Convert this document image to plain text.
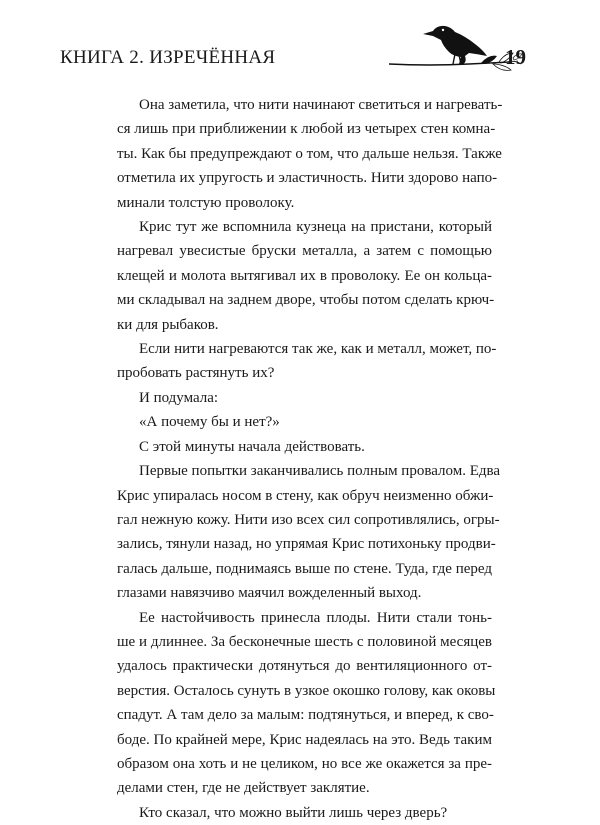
КНИГА 2. ИЗРЕЧЁННАЯ	19
Она заметила, что нити начинают светиться и нагревать-
ся лишь при приближении к любой из четырех стен комна-
ты. Как бы предупреждают о том, что дальше нельзя. Также
отметила их упругость и эластичность. Нити здорово напо-
минали толстую проволоку.
Крис тут же вспомнила кузнеца на пристани, который
нагревал увесистые бруски металла, а затем с помощью
клещей и молота вытягивал их в проволоку. Ее он кольца-
ми складывал на заднем дворе, чтобы потом сделать крюч-
ки для рыбаков.
Если нити нагреваются так же, как и металл, может, по-
пробовать растянуть их?
И подумала:
«А почему бы и нет?»
С этой минуты начала действовать.
Первые попытки заканчивались полным провалом. Едва
Крис упиралась носом в стену, как обруч неизменно обжи-
гал нежную кожу. Нити изо всех сил сопротивлялись, огры-
зались, тянули назад, но упрямая Крис потихоньку продви-
галась дальше, поднимаясь выше по стене. Туда, где перед
глазами навязчиво маячил вожделенный выход.
Ее настойчивость принесла плоды. Нити стали тонь-
ше и длиннее. За бесконечные шесть с половиной месяцев
удалось практически дотянуться до вентиляционного от-
верстия. Осталось сунуть в узкое окошко голову, как оковы
спадут. А там дело за малым: подтянуться, и вперед, к сво-
боде. По крайней мере, Крис надеялась на это. Ведь таким
образом она хоть и не целиком, но все же окажется за пре-
делами стен, где не действует заклятие.
Кто сказал, что можно выйти лишь через дверь?
